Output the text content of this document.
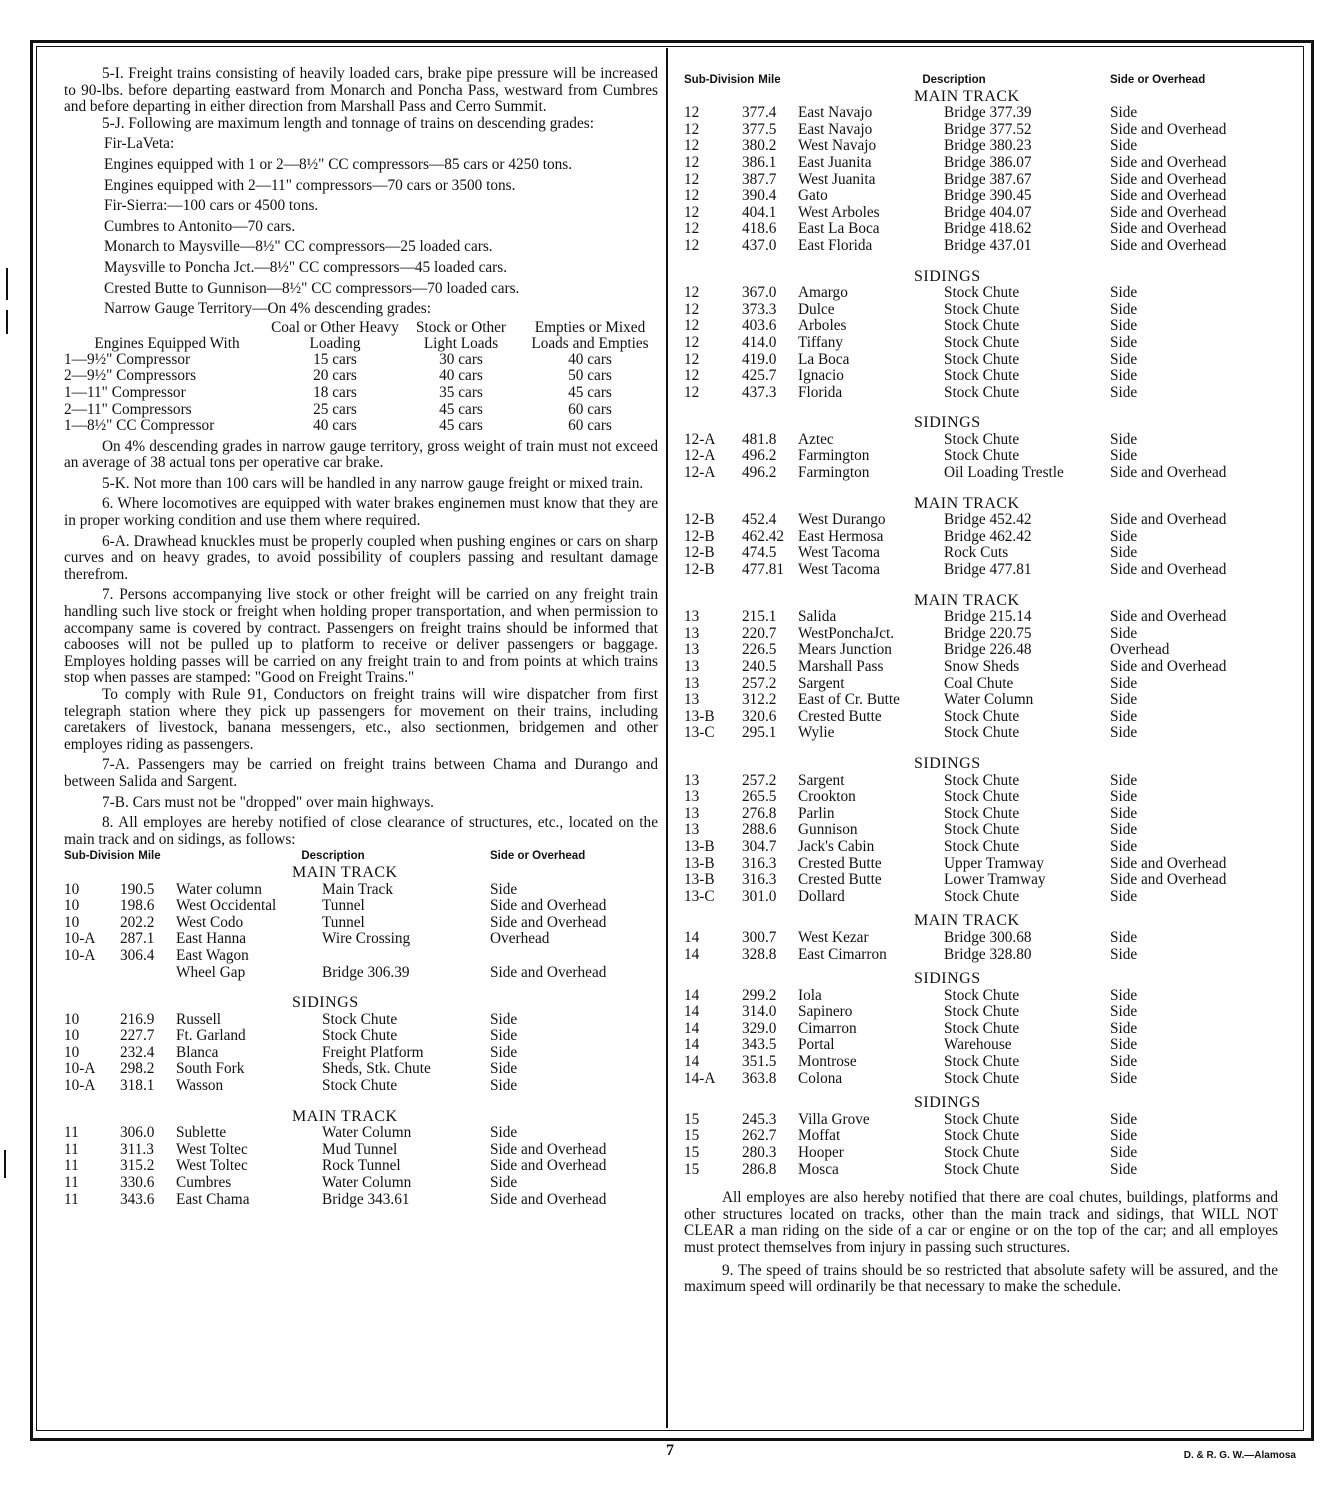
5-I. Freight trains consisting of heavily loaded cars, brake pipe pressure will be increased to 90-lbs. before departing eastward from Monarch and Poncha Pass, westward from Cumbres and before departing in either direction from Marshall Pass and Cerro Summit.

5-J. Following are maximum length and tonnage of trains on descending grades:

Fir-LaVeta:

Engines equipped with 1 or 2—8½" CC compressors—85 cars or 4250 tons.

Engines equipped with 2—11" compressors—70 cars or 3500 tons.

Fir-Sierra:—100 cars or 4500 tons.

Cumbres to Antonito—70 cars.

Monarch to Maysville—8½" CC compressors—25 loaded cars.

Maysville to Poncha Jct.—8½" CC compressors—45 loaded cars.

Crested Butte to Gunnison—8½" CC compressors—70 loaded cars.

Narrow Gauge Territory—On 4% descending grades:

Engines Equipped With	Coal or Other Heavy Loading	Stock or Other Light Loads	Empties or Mixed Loads and Empties
1—9½" Compressor	15 cars	30 cars	40 cars
2—9½" Compressors	20 cars	40 cars	50 cars
1—11" Compressor	18 cars	35 cars	45 cars
2—11" Compressors	25 cars	45 cars	60 cars
1—8½" CC Compressor	40 cars	45 cars	60 cars

On 4% descending grades in narrow gauge territory, gross weight of train must not exceed an average of 38 actual tons per operative car brake.

5-K. Not more than 100 cars will be handled in any narrow gauge freight or mixed train.

6. Where locomotives are equipped with water brakes enginemen must know that they are in proper working condition and use them where required.

6-A. Drawhead knuckles must be properly coupled when pushing engines or cars on sharp curves and on heavy grades, to avoid possibility of couplers passing and resultant damage therefrom.

7. Persons accompanying live stock or other freight will be carried on any freight train handling such live stock or freight when holding proper transportation, and when permission to accompany same is covered by contract. Passengers on freight trains should be informed that cabooses will not be pulled up to platform to receive or deliver passengers or baggage. Employes holding passes will be carried on any freight train to and from points at which trains stop when passes are stamped: "Good on Freight Trains."

To comply with Rule 91, Conductors on freight trains will wire dispatcher from first telegraph station where they pick up passengers for movement on their trains, including caretakers of livestock, banana messengers, etc., also sectionmen, bridgemen and other employes riding as passengers.

7-A. Passengers may be carried on freight trains between Chama and Durango and between Salida and Sargent.

7-B. Cars must not be "dropped" over main highways.

8. All employes are hereby notified of close clearance of structures, etc., located on the main track and on sidings, as follows:

Sub-Division Mile		Description		Side or Overhead
MAIN TRACK				
10	190.5	Water column	Main Track	Side
10	198.6	West Occidental	Tunnel	Side and Overhead
10	202.2	West Codo	Tunnel	Side and Overhead
10-A	287.1	East Hanna	Wire Crossing	Overhead
10-A	306.4	East Wagon		
		Wheel Gap	Bridge 306.39	Side and Overhead

SIDINGS				
10	216.9	Russell	Stock Chute	Side
10	227.7	Ft. Garland	Stock Chute	Side
10	232.4	Blanca	Freight Platform	Side
10-A	298.2	South Fork	Sheds, Stk. Chute	Side
10-A	318.1	Wasson	Stock Chute	Side

MAIN TRACK				
11	306.0	Sublette	Water Column	Side
11	311.3	West Toltec	Mud Tunnel	Side and Overhead
11	315.2	West Toltec	Rock Tunnel	Side and Overhead
11	330.6	Cumbres	Water Column	Side
11	343.6	East Chama	Bridge 343.61	Side and Overhead
Sub-Division Mile		Description		Side or Overhead
MAIN TRACK				
12	377.4	East Navajo	Bridge 377.39	Side
12	377.5	East Navajo	Bridge 377.52	Side and Overhead
12	380.2	West Navajo	Bridge 380.23	Side
12	386.1	East Juanita	Bridge 386.07	Side and Overhead
12	387.7	West Juanita	Bridge 387.67	Side and Overhead
12	390.4	Gato	Bridge 390.45	Side and Overhead
12	404.1	West Arboles	Bridge 404.07	Side and Overhead
12	418.6	East La Boca	Bridge 418.62	Side and Overhead
12	437.0	East Florida	Bridge 437.01	Side and Overhead

SIDINGS				
12	367.0	Amargo	Stock Chute	Side
12	373.3	Dulce	Stock Chute	Side
12	403.6	Arboles	Stock Chute	Side
12	414.0	Tiffany	Stock Chute	Side
12	419.0	La Boca	Stock Chute	Side
12	425.7	Ignacio	Stock Chute	Side
12	437.3	Florida	Stock Chute	Side

SIDINGS				
12-A	481.8	Aztec	Stock Chute	Side
12-A	496.2	Farmington	Stock Chute	Side
12-A	496.2	Farmington	Oil Loading Trestle	Side and Overhead

MAIN TRACK				
12-B	452.4	West Durango	Bridge 452.42	Side and Overhead
12-B	462.42	East Hermosa	Bridge 462.42	Side
12-B	474.5	West Tacoma	Rock Cuts	Side
12-B	477.81	West Tacoma	Bridge 477.81	Side and Overhead

MAIN TRACK				
13	215.1	Salida	Bridge 215.14	Side and Overhead
13	220.7	WestPonchaJct.	Bridge 220.75	Side
13	226.5	Mears Junction	Bridge 226.48	Overhead
13	240.5	Marshall Pass	Snow Sheds	Side and Overhead
13	257.2	Sargent	Coal Chute	Side
13	312.2	East of Cr. Butte	Water Column	Side
13-B	320.6	Crested Butte	Stock Chute	Side
13-C	295.1	Wylie	Stock Chute	Side

SIDINGS				
13	257.2	Sargent	Stock Chute	Side
13	265.5	Crookton	Stock Chute	Side
13	276.8	Parlin	Stock Chute	Side
13	288.6	Gunnison	Stock Chute	Side
13-B	304.7	Jack's Cabin	Stock Chute	Side
13-B	316.3	Crested Butte	Upper Tramway	Side and Overhead
13-B	316.3	Crested Butte	Lower Tramway	Side and Overhead
13-C	301.0	Dollard	Stock Chute	Side

MAIN TRACK				
14	300.7	West Kezar	Bridge 300.68	Side
14	328.8	East Cimarron	Bridge 328.80	Side

SIDINGS				
14	299.2	Iola	Stock Chute	Side
14	314.0	Sapinero	Stock Chute	Side
14	329.0	Cimarron	Stock Chute	Side
14	343.5	Portal	Warehouse	Side
14	351.5	Montrose	Stock Chute	Side
14-A	363.8	Colona	Stock Chute	Side

SIDINGS				
15	245.3	Villa Grove	Stock Chute	Side
15	262.7	Moffat	Stock Chute	Side
15	280.3	Hooper	Stock Chute	Side
15	286.8	Mosca	Stock Chute	Side

All employes are also hereby notified that there are coal chutes, buildings, platforms and other structures located on tracks, other than the main track and sidings, that WILL NOT CLEAR a man riding on the side of a car or engine or on the top of the car; and all employes must protect themselves from injury in passing such structures.

9. The speed of trains should be so restricted that absolute safety will be assured, and the maximum speed will ordinarily be that necessary to make the schedule.

7	D. & R. G. W.—Alamosa
